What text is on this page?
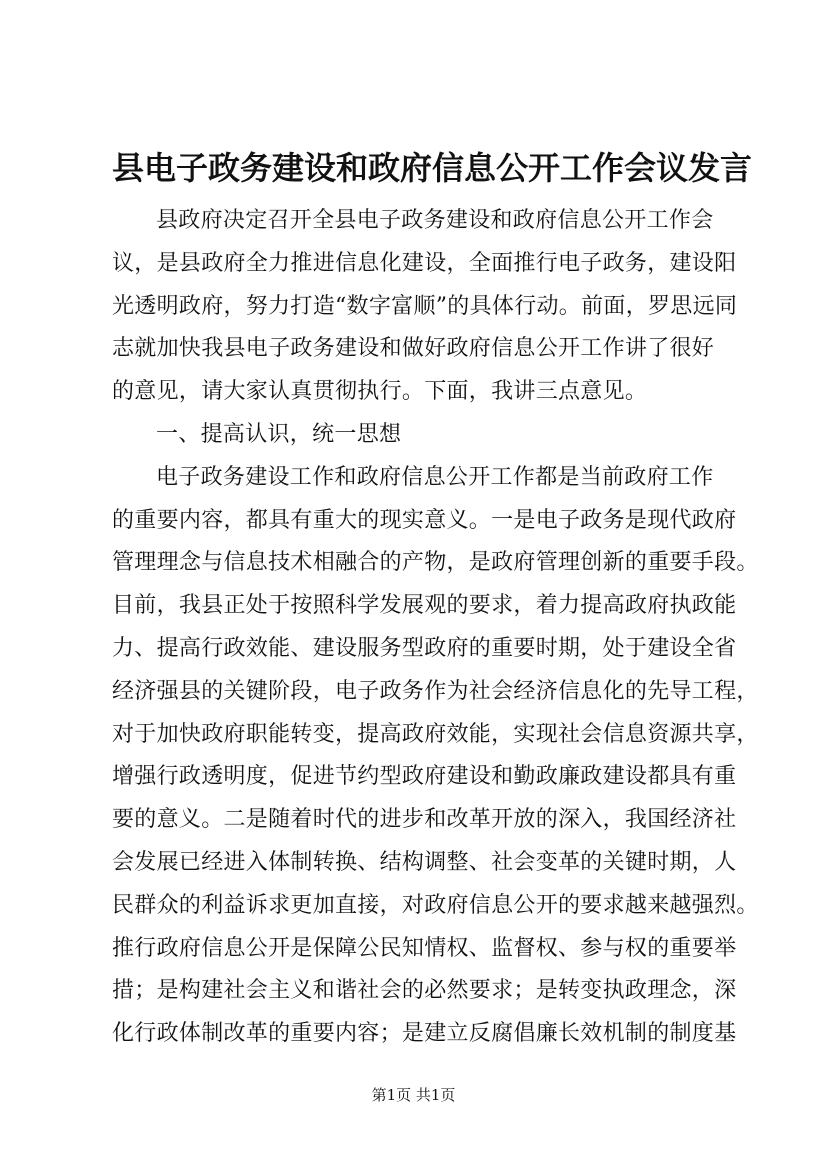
县电子政务建设和政府信息公开工作会议发言
县政府决定召开全县电子政务建设和政府信息公开工作会
议，是县政府全力推进信息化建设，全面推行电子政务，建设阳
光透明政府，努力打造“数字富顺”的具体行动。前面，罗思远同
志就加快我县电子政务建设和做好政府信息公开工作讲了很好
的意见，请大家认真贯彻执行。下面，我讲三点意见。
一、提高认识，统一思想
电子政务建设工作和政府信息公开工作都是当前政府工作
的重要内容，都具有重大的现实意义。一是电子政务是现代政府
管理理念与信息技术相融合的产物，是政府管理创新的重要手段。
目前，我县正处于按照科学发展观的要求，着力提高政府执政能
力、提高行政效能、建设服务型政府的重要时期，处于建设全省
经济强县的关键阶段，电子政务作为社会经济信息化的先导工程，
对于加快政府职能转变，提高政府效能，实现社会信息资源共享，
增强行政透明度，促进节约型政府建设和勤政廉政建设都具有重
要的意义。二是随着时代的进步和改革开放的深入，我国经济社
会发展已经进入体制转换、结构调整、社会变革的关键时期，人
民群众的利益诉求更加直接，对政府信息公开的要求越来越强烈。
推行政府信息公开是保障公民知情权、监督权、参与权的重要举
措；是构建社会主义和谐社会的必然要求；是转变执政理念，深
化行政体制改革的重要内容；是建立反腐倡廉长效机制的制度基
第1页 共1页
